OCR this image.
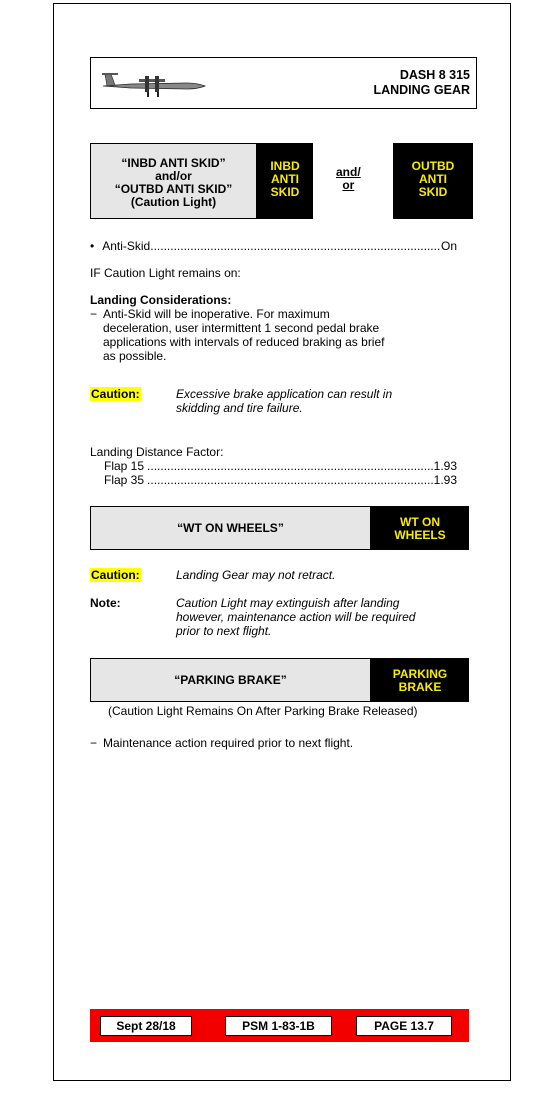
DASH 8 315
LANDING GEAR
“INBD ANTI SKID”
and/or
“OUTBD ANTI SKID”
(Caution Light)
INBD
ANTI
SKID
and/
or
OUTBD
ANTI
SKID
• Anti-Skid .....	On
IF Caution Light remains on:
Landing Considerations:
− Anti-Skid will be inoperative. For maximum
deceleration, user intermittent 1 second pedal brake
applications with intervals of reduced braking as brief
as possible.
Caution:	Excessive brake application can result in
skidding and tire failure.
Landing Distance Factor:
Flap 15 .....	1.93
Flap 35 .....	1.93
“WT ON WHEELS”	WT ON
WHEELS
Caution:	Landing Gear may not retract.
Note:	Caution Light may extinguish after landing
however, maintenance action will be required
prior to next flight.
“PARKING BRAKE”	PARKING
BRAKE
(Caution Light Remains On After Parking Brake Released)
− Maintenance action required prior to next flight.
Sept 28/18	PSM 1-83-1B	PAGE 13.7
